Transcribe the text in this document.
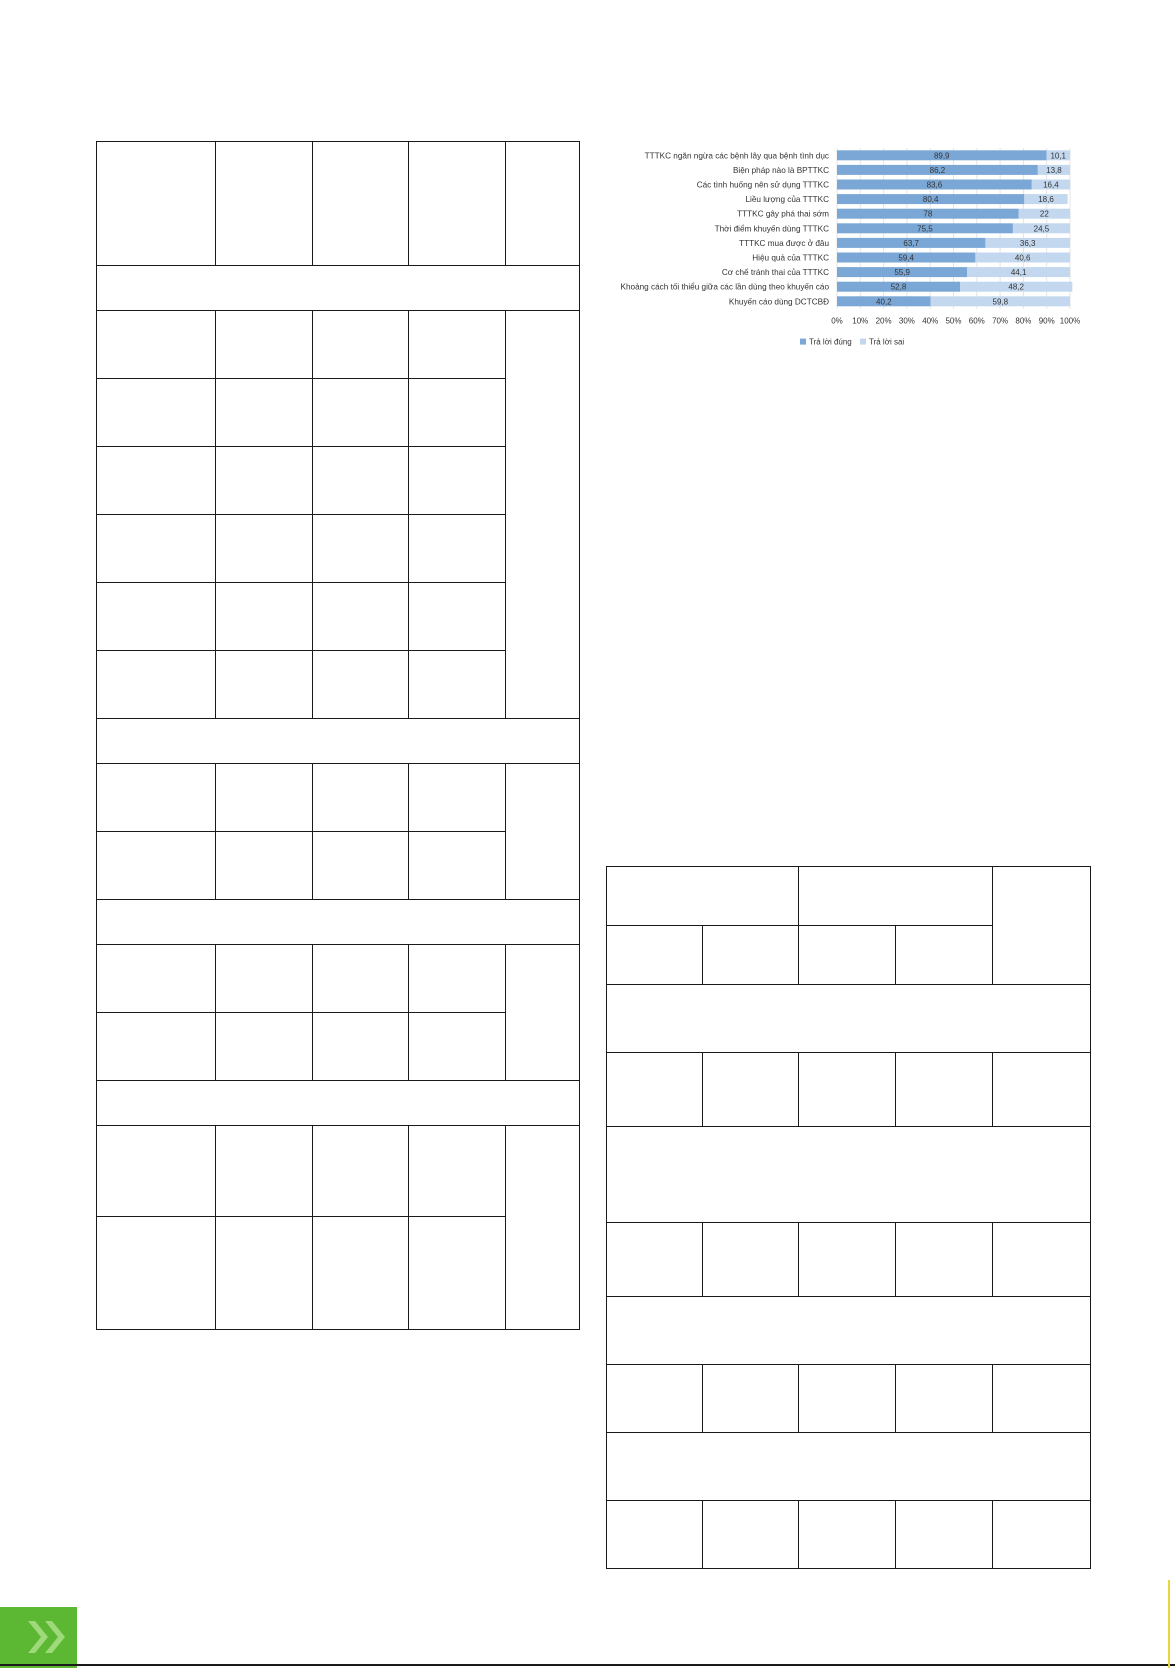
TTTKC ngăn ngừa các bệnh lây qua bệnh tình dục	89,9	10,1
Biện pháp nào là BPTTKC	86,2	13,8
Các tình huống nên sử dụng TTTKC	83,6	16,4
Liều lượng của TTTKC	80,4	18,6
TTTKC gây phá thai sớm	78	22
Thời điểm khuyến dùng TTTKC	75,5	24,5
TTTKC mua được ở đâu	63,7	36,3
Hiệu quả của TTTKC	59,4	40,6
Cơ chế tránh thai của TTTKC	55,9	44,1
Khoảng cách tối thiểu giữa các lần dùng theo khuyến cáo	52,8	48,2
Khuyến cáo dùng DCTCBĐ	40,2	59,8
0% 10% 20% 30% 40% 50% 60% 70% 80% 90% 100%
Trả lời đúng Trả lời sai
